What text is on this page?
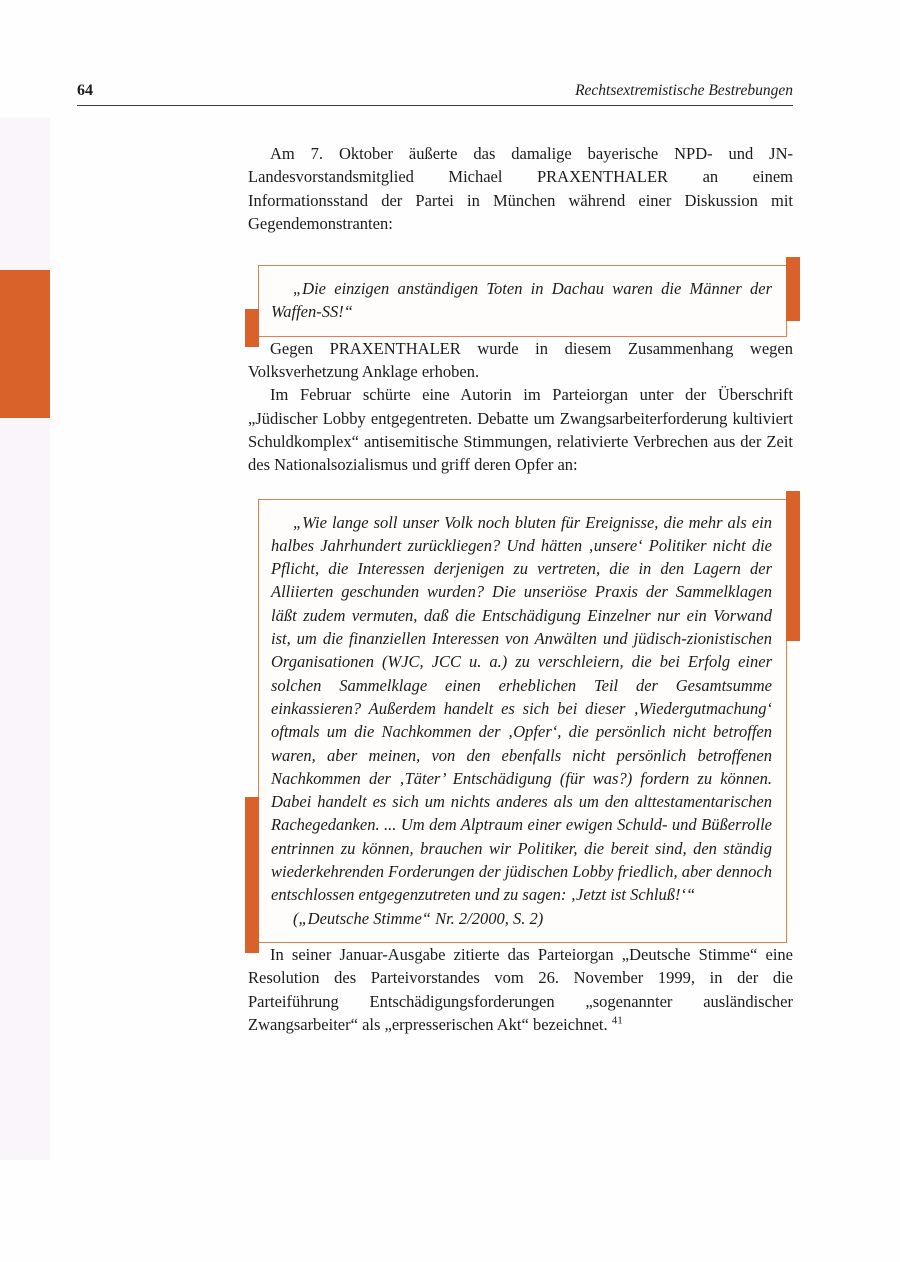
64	Rechtsextremistische Bestrebungen

Am 7. Oktober äußerte das damalige bayerische NPD- und JN-Landesvorstandsmitglied Michael PRAXENTHALER an einem Informationsstand der Partei in München während einer Diskussion mit Gegendemonstranten:

„Die einzigen anständigen Toten in Dachau waren die Männer der Waffen-SS!“

Gegen PRAXENTHALER wurde in diesem Zusammenhang wegen Volksverhetzung Anklage erhoben.

Im Februar schürte eine Autorin im Parteiorgan unter der Überschrift „Jüdischer Lobby entgegentreten. Debatte um Zwangsarbeiterforderung kultiviert Schuldkomplex“ antisemitische Stimmungen, relativierte Verbrechen aus der Zeit des Nationalsozialismus und griff deren Opfer an:

„Wie lange soll unser Volk noch bluten für Ereignisse, die mehr als ein halbes Jahrhundert zurückliegen? Und hätten ‚unsere‘ Politiker nicht die Pflicht, die Interessen derjenigen zu vertreten, die in den Lagern der Alliierten geschunden wurden? Die unseriöse Praxis der Sammelklagen läßt zudem vermuten, daß die Entschädigung Einzelner nur ein Vorwand ist, um die finanziellen Interessen von Anwälten und jüdisch-zionistischen Organisationen (WJC, JCC u. a.) zu verschleiern, die bei Erfolg einer solchen Sammelklage einen erheblichen Teil der Gesamtsumme einkassieren? Außerdem handelt es sich bei dieser ‚Wiedergutmachung‘ oftmals um die Nachkommen der ‚Opfer‘, die persönlich nicht betroffen waren, aber meinen, von den ebenfalls nicht persönlich betroffenen Nachkommen der ‚Täter’ Entschädigung (für was?) fordern zu können. Dabei handelt es sich um nichts anderes als um den alttestamentarischen Rachegedanken. ... Um dem Alptraum einer ewigen Schuld- und Büßerrolle entrinnen zu können, brauchen wir Politiker, die bereit sind, den ständig wiederkehrenden Forderungen der jüdischen Lobby friedlich, aber dennoch entschlossen entgegenzutreten und zu sagen: ‚Jetzt ist Schluß!‘“

(„Deutsche Stimme“ Nr. 2/2000, S. 2)

In seiner Januar-Ausgabe zitierte das Parteiorgan „Deutsche Stimme“ eine Resolution des Parteivorstandes vom 26. November 1999, in der die Parteiführung Entschädigungsforderungen „sogenannter ausländischer Zwangsarbeiter“ als „erpresserischen Akt“ bezeichnet. $^{41}$
